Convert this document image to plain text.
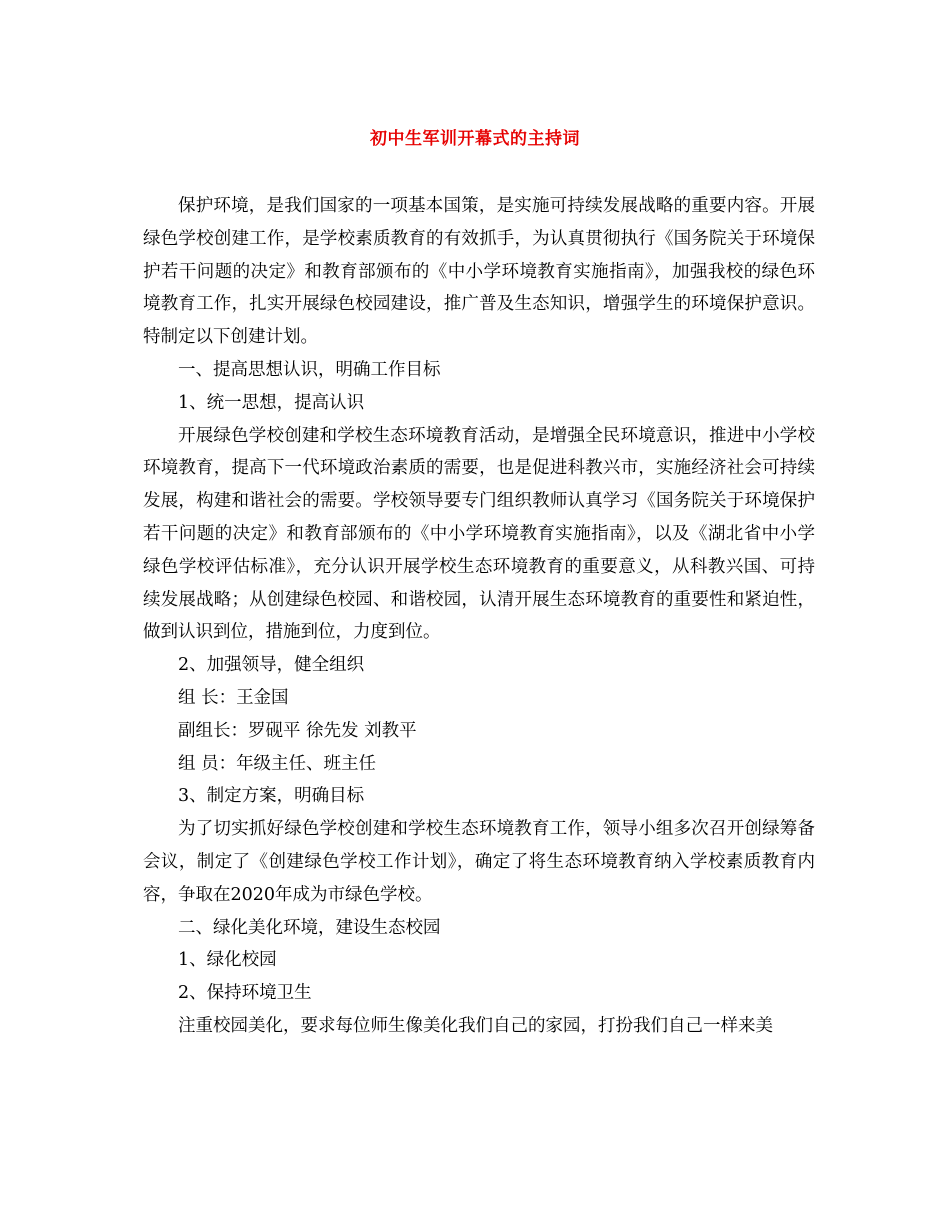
初中生军训开幕式的主持词

保护环境，是我们国家的一项基本国策，是实施可持续发展战略的重要内容。开展绿色学校创建工作，是学校素质教育的有效抓手，为认真贯彻执行《国务院关于环境保护若干问题的决定》和教育部颁布的《中小学环境教育实施指南》，加强我校的绿色环境教育工作，扎实开展绿色校园建设，推广普及生态知识，增强学生的环境保护意识。特制定以下创建计划。

一、提高思想认识，明确工作目标

1、统一思想，提高认识

开展绿色学校创建和学校生态环境教育活动，是增强全民环境意识，推进中小学校环境教育，提高下一代环境政治素质的需要，也是促进科教兴市，实施经济社会可持续发展，构建和谐社会的需要。学校领导要专门组织教师认真学习《国务院关于环境保护若干问题的决定》和教育部颁布的《中小学环境教育实施指南》，以及《湖北省中小学绿色学校评估标准》，充分认识开展学校生态环境教育的重要意义，从科教兴国、可持续发展战略；从创建绿色校园、和谐校园，认清开展生态环境教育的重要性和紧迫性，做到认识到位，措施到位，力度到位。

2、加强领导，健全组织

组 长：王金国

副组长：罗砚平 徐先发 刘教平

组 员：年级主任、班主任

3、制定方案，明确目标

为了切实抓好绿色学校创建和学校生态环境教育工作，领导小组多次召开创绿筹备会议，制定了《创建绿色学校工作计划》，确定了将生态环境教育纳入学校素质教育内容，争取在2020年成为市绿色学校。

二、绿化美化环境，建设生态校园

1、绿化校园

2、保持环境卫生

注重校园美化，要求每位师生像美化我们自己的家园，打扮我们自己一样来美
